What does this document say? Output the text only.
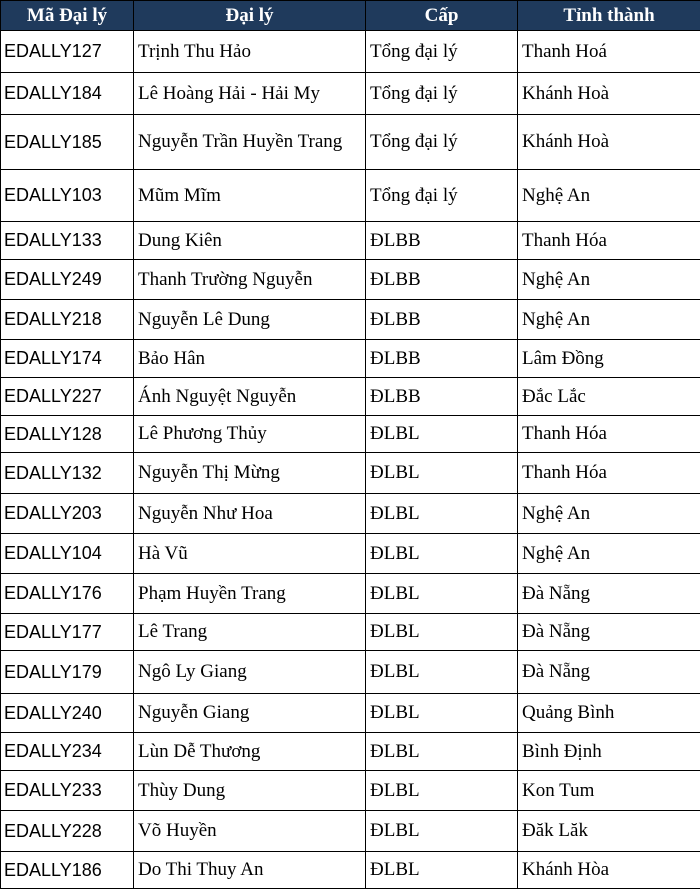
Mã Đại lý	Đại lý	Cấp	Tỉnh thành
EDALLY127	Trịnh Thu Hảo	Tổng đại lý	Thanh Hoá
EDALLY184	Lê Hoàng Hải - Hải My	Tổng đại lý	Khánh Hoà
EDALLY185	Nguyễn Trần Huyền Trang	Tổng đại lý	Khánh Hoà
EDALLY103	Mũm Mĩm	Tổng đại lý	Nghệ An
EDALLY133	Dung Kiên	ĐLBB	Thanh Hóa
EDALLY249	Thanh Trường Nguyễn	ĐLBB	Nghệ An
EDALLY218	Nguyễn Lê Dung	ĐLBB	Nghệ An
EDALLY174	Bảo Hân	ĐLBB	Lâm Đồng
EDALLY227	Ánh Nguyệt Nguyễn	ĐLBB	Đắc Lắc
EDALLY128	Lê Phương Thủy	ĐLBL	Thanh Hóa
EDALLY132	Nguyễn Thị Mừng	ĐLBL	Thanh Hóa
EDALLY203	Nguyễn Như Hoa	ĐLBL	Nghệ An
EDALLY104	Hà Vũ	ĐLBL	Nghệ An
EDALLY176	Phạm Huyền Trang	ĐLBL	Đà Nẵng
EDALLY177	Lê Trang	ĐLBL	Đà Nẵng
EDALLY179	Ngô Ly Giang	ĐLBL	Đà Nẵng
EDALLY240	Nguyễn Giang	ĐLBL	Quảng Bình
EDALLY234	Lùn Dễ Thương	ĐLBL	Bình Định
EDALLY233	Thùy Dung	ĐLBL	Kon Tum
EDALLY228	Võ Huyền	ĐLBL	Đăk Lăk
EDALLY186	Do Thi Thuy An	ĐLBL	Khánh Hòa
